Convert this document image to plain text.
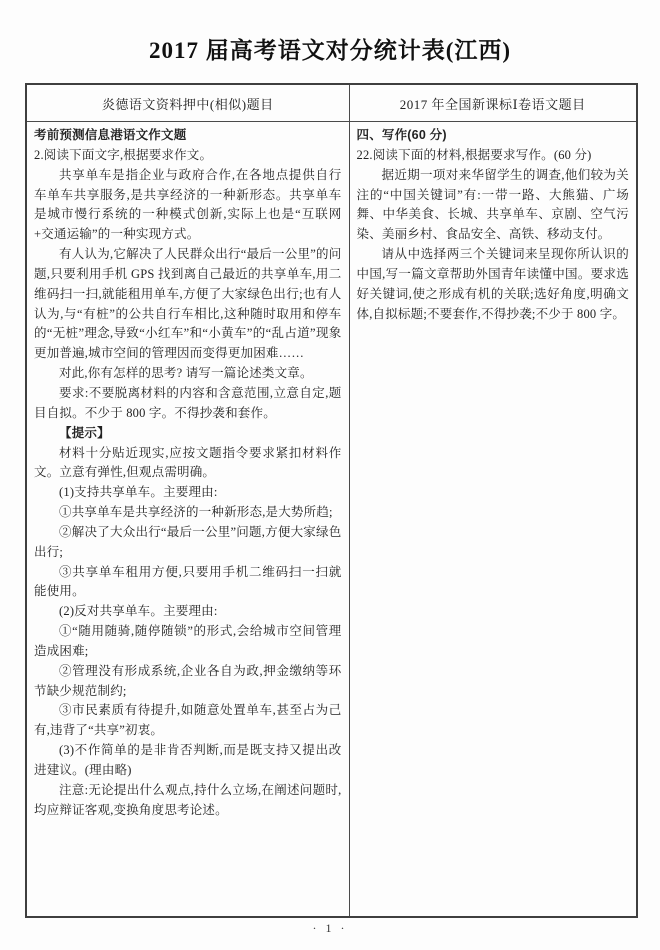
2017 届高考语文对分统计表(江西)
炎德语文资料押中(相似)题目	2017 年全国新课标Ⅰ卷语文题目

考前预测信息港语文作文题

2.阅读下面文字,根据要求作文。

共享单车是指企业与政府合作,在各地点提供自行车单车共享服务,是共享经济的一种新形态。共享单车是城市慢行系统的一种模式创新,实际上也是“互联网+交通运输”的一种实现方式。

有人认为,它解决了人民群众出行“最后一公里”的问题,只要利用手机 GPS 找到离自己最近的共享单车,用二维码扫一扫,就能租用单车,方便了大家绿色出行;也有人认为,与“有桩”的公共自行车相比,这种随时取用和停车的“无桩”理念,导致“小红车”和“小黄车”的“乱占道”现象更加普遍,城市空间的管理因而变得更加困难……

对此,你有怎样的思考? 请写一篇论述类文章。

要求:不要脱离材料的内容和含意范围,立意自定,题目自拟。不少于 800 字。不得抄袭和套作。

【提示】

材料十分贴近现实,应按文题指令要求紧扣材料作文。立意有弹性,但观点需明确。

(1)支持共享单车。主要理由:

①共享单车是共享经济的一种新形态,是大势所趋;

②解决了大众出行“最后一公里”问题,方便大家绿色出行;

③共享单车租用方便,只要用手机二维码扫一扫就能使用。

(2)反对共享单车。主要理由:

①“随用随骑,随停随锁”的形式,会给城市空间管理造成困难;

②管理没有形成系统,企业各自为政,押金缴纳等环节缺少规范制约;

③市民素质有待提升,如随意处置单车,甚至占为己有,违背了“共享”初衷。

(3)不作简单的是非肯否判断,而是既支持又提出改进建议。(理由略)

注意:无论提出什么观点,持什么立场,在阐述问题时,均应辩证客观,变换角度思考论述。

四、写作(60 分)

22.阅读下面的材料,根据要求写作。(60 分)

据近期一项对来华留学生的调查,他们较为关注的“中国关键词”有:一带一路、大熊猫、广场舞、中华美食、长城、共享单车、京剧、空气污染、美丽乡村、食品安全、高铁、移动支付。

请从中选择两三个关键词来呈现你所认识的中国,写一篇文章帮助外国青年读懂中国。要求选好关键词,使之形成有机的关联;选好角度,明确文体,自拟标题;不要套作,不得抄袭;不少于 800 字。

· 1 ·
